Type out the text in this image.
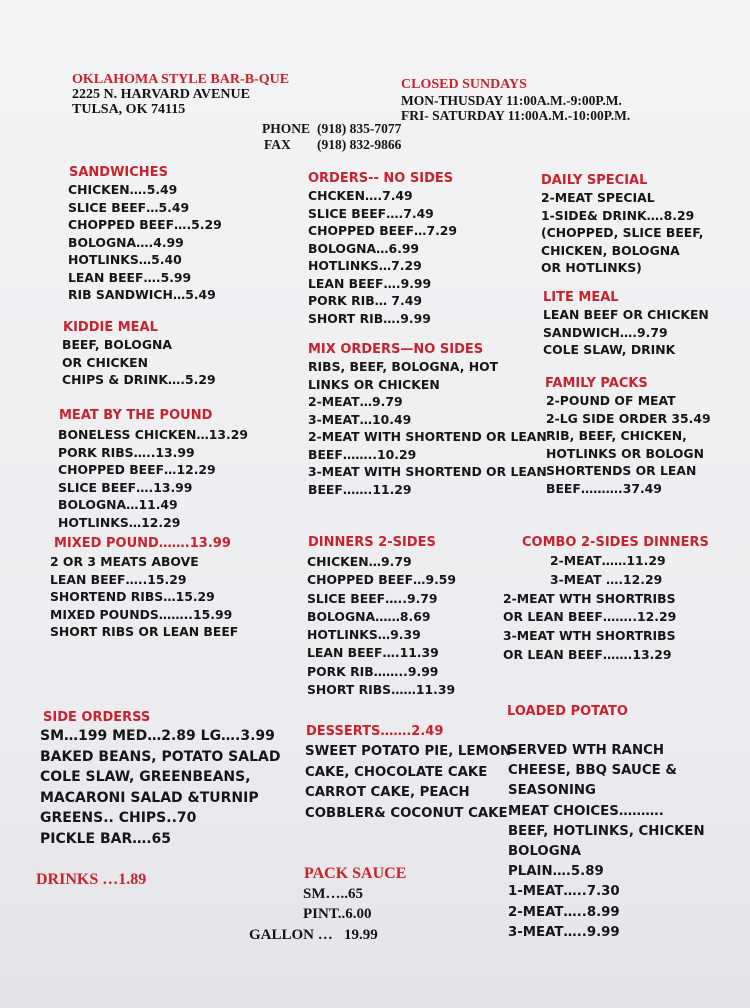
OKLAHOMA STYLE BAR-B-QUE
2225 N. HARVARD AVENUE
TULSA, OK 74115
CLOSED SUNDAYS
MON-THUSDAY 11:00A.M.-9:00P.M.
FRI- SATURDAY 11:00A.M.-10:00P.M.
PHONE (918) 835-7077
FAX (918) 832-9866
SANDWICHES
CHICKEN….5.49
SLICE BEEF…5.49
CHOPPED BEEF….5.29
BOLOGNA….4.99
HOTLINKS…5.40
LEAN BEEF….5.99
RIB SANDWICH…5.49
KIDDIE MEAL
BEEF, BOLOGNA
OR CHICKEN
CHIPS & DRINK….5.29
MEAT BY THE POUND
BONELESS CHICKEN…13.29
PORK RIBS…..13.99
CHOPPED BEEF…12.29
SLICE BEEF….13.99
BOLOGNA…11.49
HOTLINKS…12.29
MIXED POUND…….13.99
2 OR 3 MEATS ABOVE
LEAN BEEF…..15.29
SHORTEND RIBS…15.29
MIXED POUNDS……..15.99
SHORT RIBS OR LEAN BEEF
SIDE ORDERSS
SM…199 MED…2.89 LG….3.99
BAKED BEANS, POTATO SALAD
COLE SLAW, GREENBEANS,
MACARONI SALAD &TURNIP
GREENS.. CHIPS..70
PICKLE BAR….65
DRINKS …1.89
ORDERS-- NO SIDES
CHCKEN….7.49
SLICE BEEF….7.49
CHOPPED BEEF…7.29
BOLOGNA…6.99
HOTLINKS…7.29
LEAN BEEF….9.99
PORK RIB… 7.49
SHORT RIB….9.99
MIX ORDERS—NO SIDES
RIBS, BEEF, BOLOGNA, HOT
LINKS OR CHICKEN
2-MEAT…9.79
3-MEAT…10.49
2-MEAT WITH SHORTEND OR LEAN
BEEF……..10.29
3-MEAT WITH SHORTEND OR LEAN
BEEF…….11.29
DINNERS 2-SIDES
CHICKEN…9.79
CHOPPED BEEF…9.59
SLICE BEEF…..9.79
BOLOGNA……8.69
HOTLINKS…9.39
LEAN BEEF….11.39
PORK RIB……..9.99
SHORT RIBS……11.39
DESSERTS…….2.49
SWEET POTATO PIE, LEMON
CAKE, CHOCOLATE CAKE
CARROT CAKE, PEACH
COBBLER& COCONUT CAKE
PACK SAUCE
SM…..65
PINT..6.00
GALLON …   19.99
DAILY SPECIAL
2-MEAT SPECIAL
1-SIDE& DRINK….8.29
(CHOPPED, SLICE BEEF,
CHICKEN, BOLOGNA
OR HOTLINKS)
LITE MEAL
LEAN BEEF OR CHICKEN
SANDWICH….9.79
COLE SLAW, DRINK
FAMILY PACKS
2-POUND OF MEAT
2-LG SIDE ORDER 35.49
RIB, BEEF, CHICKEN,
HOTLINKS OR BOLOGN
SHORTENDS OR LEAN
BEEF……….37.49
COMBO 2-SIDES DINNERS
2-MEAT……11.29
3-MEAT ….12.29
2-MEAT WTH SHORTRIBS
OR LEAN BEEF……..12.29
3-MEAT WTH SHORTRIBS
OR LEAN BEEF…….13.29
LOADED POTATO
SERVED WTH RANCH
CHEESE, BBQ SAUCE &
SEASONING
MEAT CHOICES……….
BEEF, HOTLINKS, CHICKEN
BOLOGNA
PLAIN….5.89
1-MEAT…..7.30
2-MEAT…..8.99
3-MEAT…..9.99
